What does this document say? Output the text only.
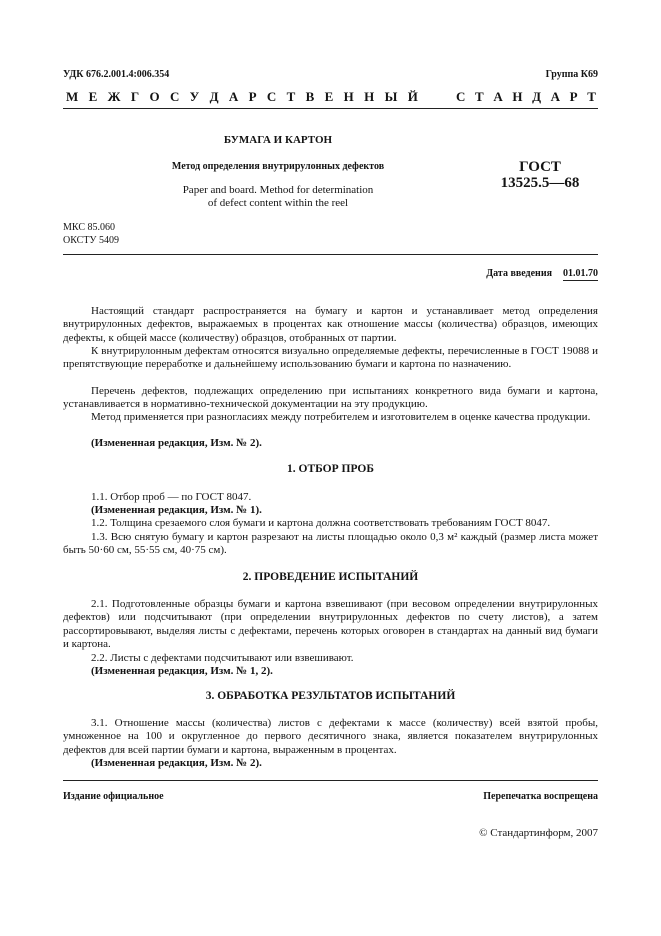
УДК 676.2.001.4:006.354	Группа К69
М Е Ж Г О С У Д А Р С Т В Е Н Н Ы Й	С Т А Н Д А Р Т
БУМАГА И КАРТОН
Метод определения внутрирулонных дефектов
Paper and board. Method for determination
of defect content within the reel
ГОСТ
13525.5—68
МКС 85.060
ОКСТУ 5409
Дата введения 01.01.70

Настоящий стандарт распространяется на бумагу и картон и устанавливает метод определения внутрирулонных дефектов, выражаемых в процентах как отношение массы (количества) образцов, имеющих дефекты, к общей массе (количеству) образцов, отобранных от партии.

К внутрирулонным дефектам относятся визуально определяемые дефекты, перечисленные в ГОСТ 19088 и препятствующие переработке и дальнейшему использованию бумаги и картона по назначению.

Перечень дефектов, подлежащих определению при испытаниях конкретного вида бумаги и картона, устанавливается в нормативно-технической документации на эту продукцию.

Метод применяется при разногласиях между потребителем и изготовителем в оценке качества продукции.

(Измененная редакция, Изм. № 2).

1. ОТБОР ПРОБ

1.1. Отбор проб — по ГОСТ 8047.

(Измененная редакция, Изм. № 1).

1.2. Толщина срезаемого слоя бумаги и картона должна соответствовать требованиям ГОСТ 8047.

1.3. Всю снятую бумагу и картон разрезают на листы площадью около 0,3 м² каждый (размер листа может быть 50·60 см, 55·55 см, 40·75 см).

2. ПРОВЕДЕНИЕ ИСПЫТАНИЙ

2.1. Подготовленные образцы бумаги и картона взвешивают (при весовом определении внутрирулонных дефектов) или подсчитывают (при определении внутрирулонных дефектов по счету листов), а затем рассортировывают, выделяя листы с дефектами, перечень которых оговорен в стандартах на данный вид бумаги и картона.

2.2. Листы с дефектами подсчитывают или взвешивают.

(Измененная редакция, Изм. № 1, 2).

3. ОБРАБОТКА РЕЗУЛЬТАТОВ ИСПЫТАНИЙ

3.1. Отношение массы (количества) листов с дефектами к массе (количеству) всей взятой пробы, умноженное на 100 и округленное до первого десятичного знака, является показателем внутрирулонных дефектов для всей партии бумаги и картона, выраженным в процентах.

(Измененная редакция, Изм. № 2).

Издание официальное	Перепечатка воспрещена
© Стандартинформ, 2007
